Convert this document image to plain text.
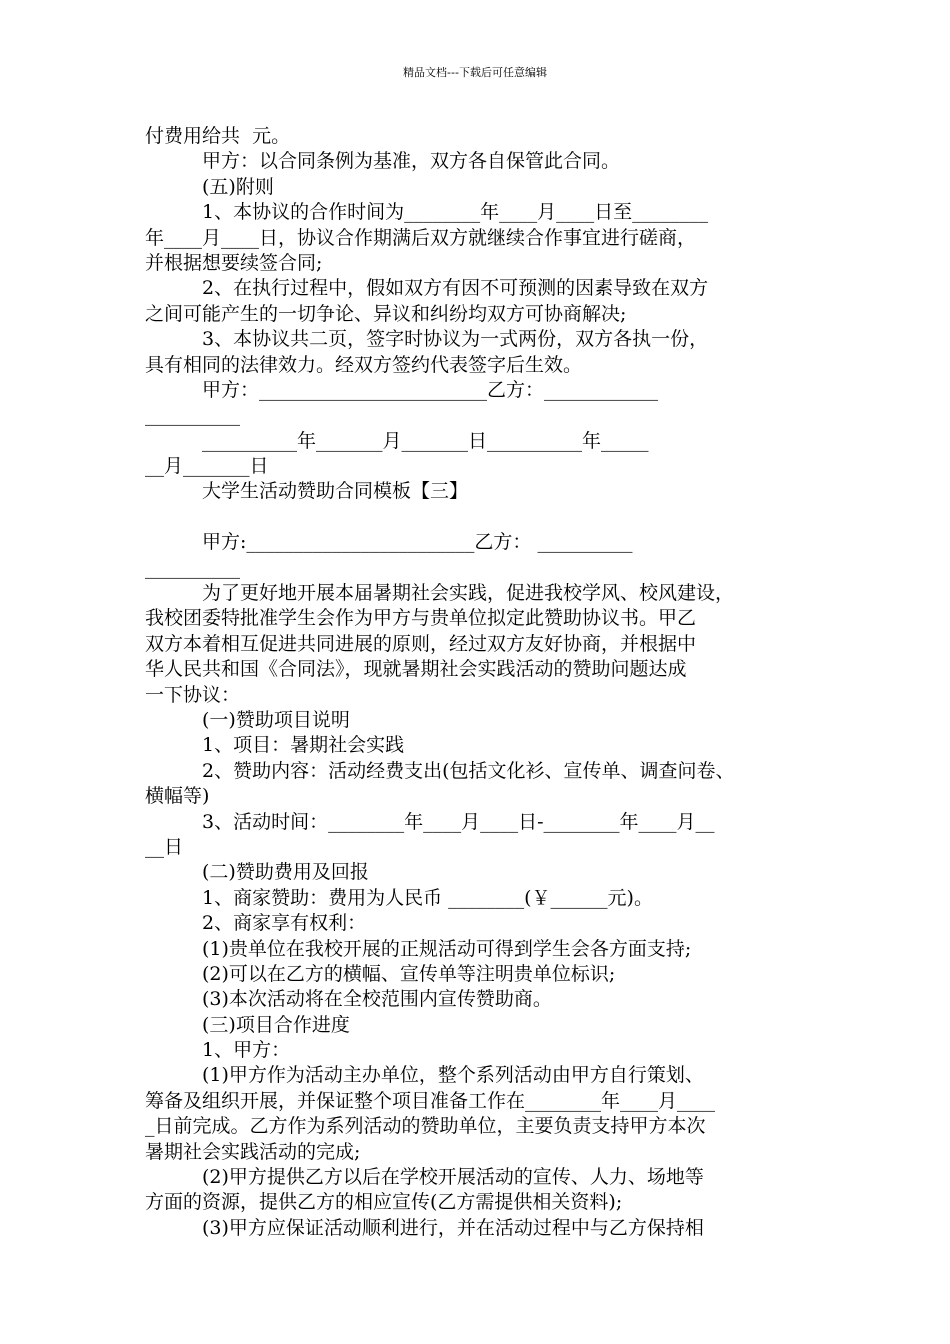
精品文档---下载后可任意编辑
付费用给共  元。
甲方：以合同条例为基准，双方各自保管此合同。
(五)附则
1、本协议的合作时间为________年____月____日至________
年____月____日，协议合作期满后双方就继续合作事宜进行磋商，
并根据想要续签合同;
2、在执行过程中，假如双方有因不可预测的因素导致在双方
之间可能产生的一切争论、异议和纠纷均双方可协商解决;
3、本协议共二页，签字时协议为一式两份，双方各执一份，
具有相同的法律效力。经双方签约代表签字后生效。
甲方：________________________乙方：____________
__________
__________年_______月_______日__________年_____
__月_______日
大学生活动赞助合同模板【三】
甲方:________________________乙方： __________
__________
为了更好地开展本届暑期社会实践，促进我校学风、校风建设，
我校团委特批准学生会作为甲方与贵单位拟定此赞助协议书。甲乙
双方本着相互促进共同进展的原则，经过双方友好协商，并根据中
华人民共和国《合同法》，现就暑期社会实践活动的赞助问题达成
一下协议：
(一)赞助项目说明
1、项目：暑期社会实践
2、赞助内容：活动经费支出(包括文化衫、宣传单、调查问卷、
横幅等)
3、活动时间：________年____月____日-________年____月__
__日
(二)赞助费用及回报
1、商家赞助：费用为人民币 ________(￥______元)。
2、商家享有权利：
(1)贵单位在我校开展的正规活动可得到学生会各方面支持;
(2)可以在乙方的横幅、宣传单等注明贵单位标识;
(3)本次活动将在全校范围内宣传赞助商。
(三)项目合作进度
1、甲方：
(1)甲方作为活动主办单位，整个系列活动由甲方自行策划、
筹备及组织开展，并保证整个项目准备工作在________年____月____
_日前完成。乙方作为系列活动的赞助单位，主要负责支持甲方本次
暑期社会实践活动的完成;
(2)甲方提供乙方以后在学校开展活动的宣传、人力、场地等
方面的资源，提供乙方的相应宣传(乙方需提供相关资料);
(3)甲方应保证活动顺利进行，并在活动过程中与乙方保持相
